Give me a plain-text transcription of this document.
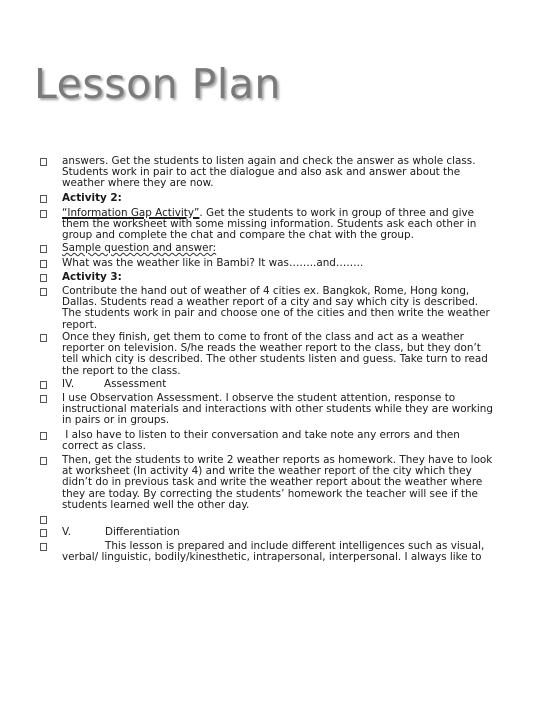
Lesson Plan
answers. Get the students to listen again and check the answer as whole class.
Students work in pair to act the dialogue and also ask and answer about the
weather where they are now.
Activity 2:
“Information Gap Activity”. Get the students to work in group of three and give
them the worksheet with some missing information. Students ask each other in
group and complete the chat and compare the chat with the group.
Sample question and answer:
What was the weather like in Bambi? It was……..and……..
Activity 3:
Contribute the hand out of weather of 4 cities ex. Bangkok, Rome, Hong kong,
Dallas. Students read a weather report of a city and say which city is described.
The students work in pair and choose one of the cities and then write the weather
report.
Once they finish, get them to come to front of the class and act as a weather
reporter on television. S/he reads the weather report to the class, but they don’t
tell which city is described. The other students listen and guess. Take turn to read
the report to the class.
IV.	Assessment
I use Observation Assessment. I observe the student attention, response to
instructional materials and interactions with other students while they are working
in pairs or in groups.
I also have to listen to their conversation and take note any errors and then
correct as class.
Then, get the students to write 2 weather reports as homework. They have to look
at worksheet (In activity 4) and write the weather report of the city which they
didn’t do in previous task and write the weather report about the weather where
they are today. By correcting the students’ homework the teacher will see if the
students learned well the other day.
V.	Differentiation
This lesson is prepared and include different intelligences such as visual,
verbal/ linguistic, bodily/kinesthetic, intrapersonal, interpersonal. I always like to
